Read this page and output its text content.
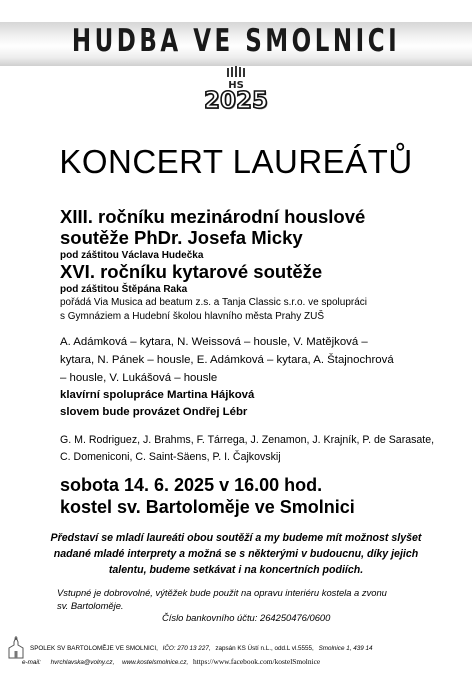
HUDBA VE SMOLNICI
HS
2025
KONCERT LAUREÁTŮ
XIII. ročníku mezinárodní houslové
soutěže PhDr. Josefa Micky
pod záštitou Václava Hudečka
XVI. ročníku kytarové soutěže
pod záštitou Štěpána Raka
pořádá Via Musica ad beatum z.s. a Tanja Classic s.r.o. ve spolupráci
s Gymnáziem a Hudební školou hlavního města Prahy ZUŠ
A. Adámková – kytara, N. Weissová – housle, V. Matějková –
kytara, N. Pánek – housle, E. Adámková – kytara, A. Štajnochrová
– housle, V. Lukášová – housle
klavírní spolupráce Martina Hájková
slovem bude provázet Ondřej Lébr
G. M. Rodriguez, J. Brahms, F. Tárrega, J. Zenamon, J. Krajník, P. de Sarasate,
C. Domeniconi, C. Saint-Säens, P. I. Čajkovskij
sobota 14. 6. 2025 v 16.00 hod.
kostel sv. Bartoloměje ve Smolnici
Představí se mladí laureáti obou soutěží a my budeme mít možnost slyšet
nadané mladé interprety a možná se s některými v budoucnu, díky jejich
talentu, budeme setkávat i na koncertních podiích.
Vstupné je dobrovolné, výtěžek bude použit na opravu interiéru kostela a zvonu
sv. Bartoloměje.
Číslo bankovního účtu: 264250476/0600
SPOLEK SV BARTOLOMĚJE VE SMOLNICI, IČO: 270 13 227, zapsán KS Ústí n.L., odd.L vl.5555, Smolnice 1, 439 14
e-mail: hvrchlavska@volny.cz, www.kostelsmolnice.cz, https://www.facebook.com/kostelSmolnice
